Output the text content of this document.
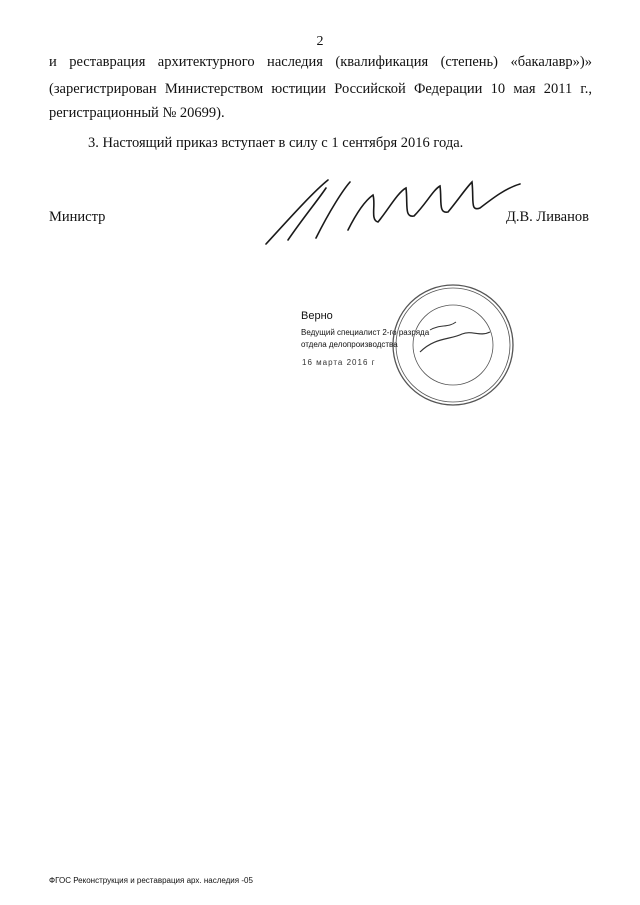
2
и реставрация архитектурного наследия (квалификация (степень) «бакалавр»)»
(зарегистрирован Министерством юстиции Российской Федерации 10 мая 2011 г.,
регистрационный № 20699).
3. Настоящий приказ вступает в силу с 1 сентября 2016 года.
Министр	Д.В. Ливанов
Верно
Ведущий специалист 2-го разряда
отдела делопроизводства
16 марта 2016 г
ФГОС Реконструкция и реставрация арх. наследия -05
